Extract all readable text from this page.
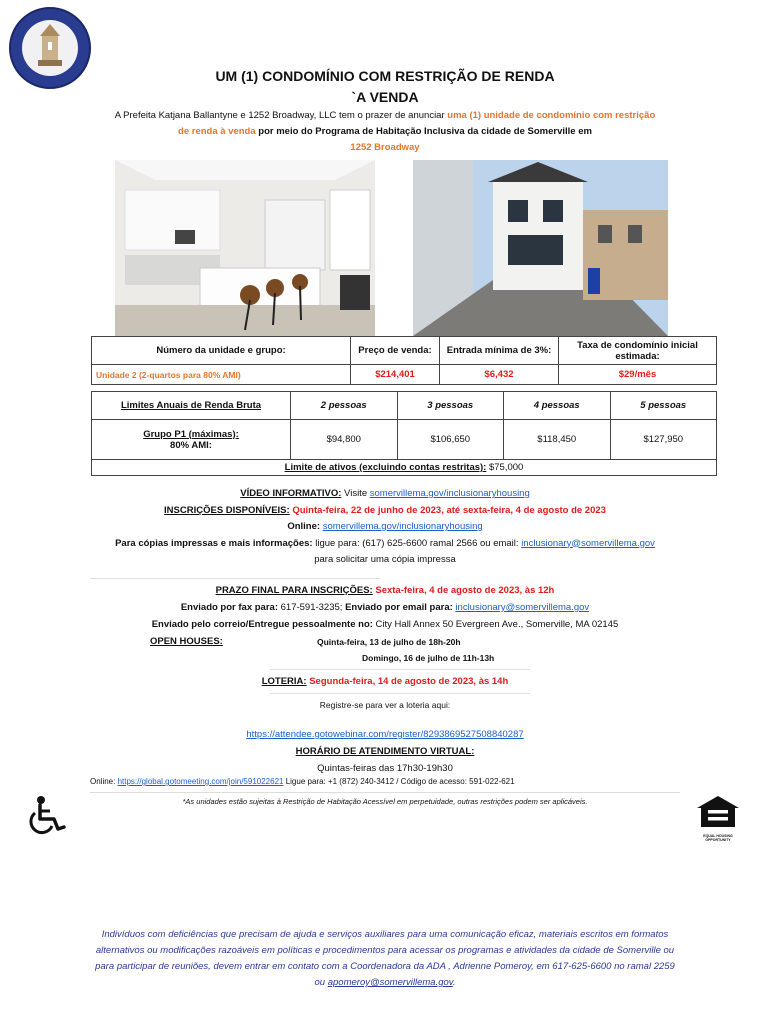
UM (1) CONDOMÍNIO COM RESTRIÇÃO DE RENDA
`A VENDA
A Prefeita Katjana Ballantyne e 1252 Broadway, LLC tem o prazer de anunciar uma (1) unidade de condomínio com restrição
de renda à venda por meio do Programa de Habitação Inclusiva da cidade de Somerville em
1252 Broadway
Número da unidade e grupo:	Preço de venda:	Entrada mínima de 3%:	Taxa de condomínio inicial estimada:
Unidade 2 (2-quartos para 80% AMI)	$214,401	$6,432	$29/mês
Limites Anuais de Renda Bruta	2 pessoas	3 pessoas	4 pessoas	5 pessoas

Grupo P1 (máximas):
80% AMI:	$94,800	$106,650	$118,450	$127,950
Limite de ativos (excluindo contas restritas): $75,000				
VÍDEO INFORMATIVO: Visite somervillema.gov/inclusionaryhousing
INSCRIÇÕES DISPONÍVEIS: Quinta-feira, 22 de junho de 2023, até sexta-feira, 4 de agosto de 2023
Online: somervillema.gov/inclusionaryhousing
Para cópias impressas e mais informações: ligue para: (617) 625-6600 ramal 2566 ou email: inclusionary@somervillema.gov
para solicitar uma cópia impressa
PRAZO FINAL PARA INSCRIÇÕES: Sexta-feira, 4 de agosto de 2023, às 12h
Enviado por fax para: 617-591-3235; Enviado por email para: inclusionary@somervillema.gov
Enviado pelo correio/Entregue pessoalmente no: City Hall Annex 50 Evergreen Ave., Somerville, MA 02145
OPEN HOUSES:	Quinta-feira, 13 de julho de 18h-20h
Domingo, 16 de julho de 11h-13h
LOTERIA: Segunda-feira, 14 de agosto de 2023, às 14h
Registre-se para ver a loteria aqui:
https://attendee.gotowebinar.com/register/8293869527508840287
HORÁRIO DE ATENDIMENTO VIRTUAL:
Quintas-feiras das 17h30-19h30
Online: https://global.gotomeeting.com/join/591022621 Ligue para: +1 (872) 240-3412 / Código de acesso: 591-022-621
*As unidades estão sujeitas à Restrição de Habitação Acessível em perpetuidade, outras restrições podem ser aplicáveis.
EQUAL HOUSING OPPORTUNITY
Indivíduos com deficiências que precisam de ajuda e serviços auxiliares para uma comunicação eficaz, materiais escritos em formatos alternativos ou modificações razoáveis em políticas e procedimentos para acessar os programas e atividades da cidade de Somerville ou para participar de reuniões, devem entrar em contato com a Coordenadora da ADA , Adrienne Pomeroy, em 617-625-6600 no ramal 2259 ou apomeroy@somervillema.gov.
